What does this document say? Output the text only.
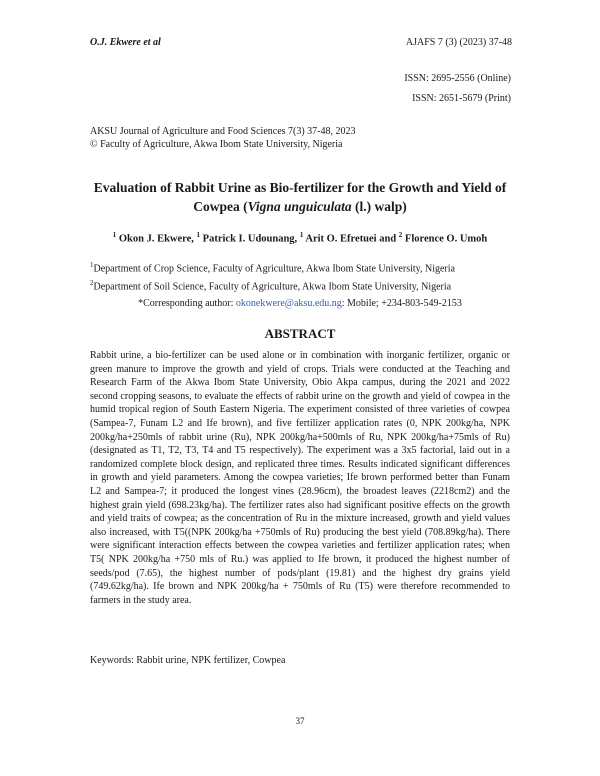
O.J. Ekwere et al	AJAFS 7 (3) (2023) 37-48
ISSN: 2695-2556 (Online)
ISSN: 2651-5679 (Print)
AKSU Journal of Agriculture and Food Sciences 7(3) 37-48, 2023
© Faculty of Agriculture, Akwa Ibom State University, Nigeria
Evaluation of Rabbit Urine as Bio-fertilizer for the Growth and Yield of Cowpea (Vigna unguiculata (l.) walp)
$^1$ Okon J. Ekwere, $^1$ Patrick I. Udounang, $^1$ Arit O. Efretuei and $^2$ Florence O. Umoh
$^1$Department of Crop Science, Faculty of Agriculture, Akwa Ibom State University, Nigeria
$^2$Department of Soil Science, Faculty of Agriculture, Akwa Ibom State University, Nigeria
*Corresponding author: okonekwere@aksu.edu.ng: Mobile; +234-803-549-2153
ABSTRACT

Rabbit urine, a bio-fertilizer can be used alone or in combination with inorganic fertilizer, organic or green manure to improve the growth and yield of crops. Trials were conducted at the Teaching and Research Farm of the Akwa Ibom State University, Obio Akpa campus, during the 2021 and 2022 second cropping seasons, to evaluate the effects of rabbit urine on the growth and yield of cowpea in the humid tropical region of South Eastern Nigeria. The experiment consisted of three varieties of cowpea (Sampea-7, Funam L2 and Ife brown), and five fertilizer application rates (0, NPK 200kg/ha, NPK 200kg/ha+250mls of rabbit urine (Ru), NPK 200kg/ha+500mls of Ru, NPK 200kg/ha+75mls of Ru) (designated as T1, T2, T3, T4 and T5 respectively). The experiment was a 3x5 factorial, laid out in a randomized complete block design, and replicated three times. Results indicated significant differences in growth and yield parameters. Among the cowpea varieties; Ife brown performed better than Funam L2 and Sampea-7; it produced the longest vines (28.96cm), the broadest leaves (2218cm2) and the highest grain yield (698.23kg/ha). The fertilizer rates also had significant positive effects on the growth and yield traits of cowpea; as the concentration of Ru in the mixture increased, growth and yield values also increased, with T5((NPK 200kg/ha +750mls of Ru) producing the best yield (708.89kg/ha). There were significant interaction effects between the cowpea varieties and fertilizer application rates; when T5( NPK 200kg/ha +750 mls of Ru.) was applied to Ife brown, it produced the highest number of seeds/pod (7.65), the highest number of pods/plant (19.81) and the highest dry grains yield (749.62kg/ha). Ife brown and NPK 200kg/ha + 750mls of Ru (T5) were therefore recommended to farmers in the study area.

Keywords: Rabbit urine, NPK fertilizer, Cowpea
37
